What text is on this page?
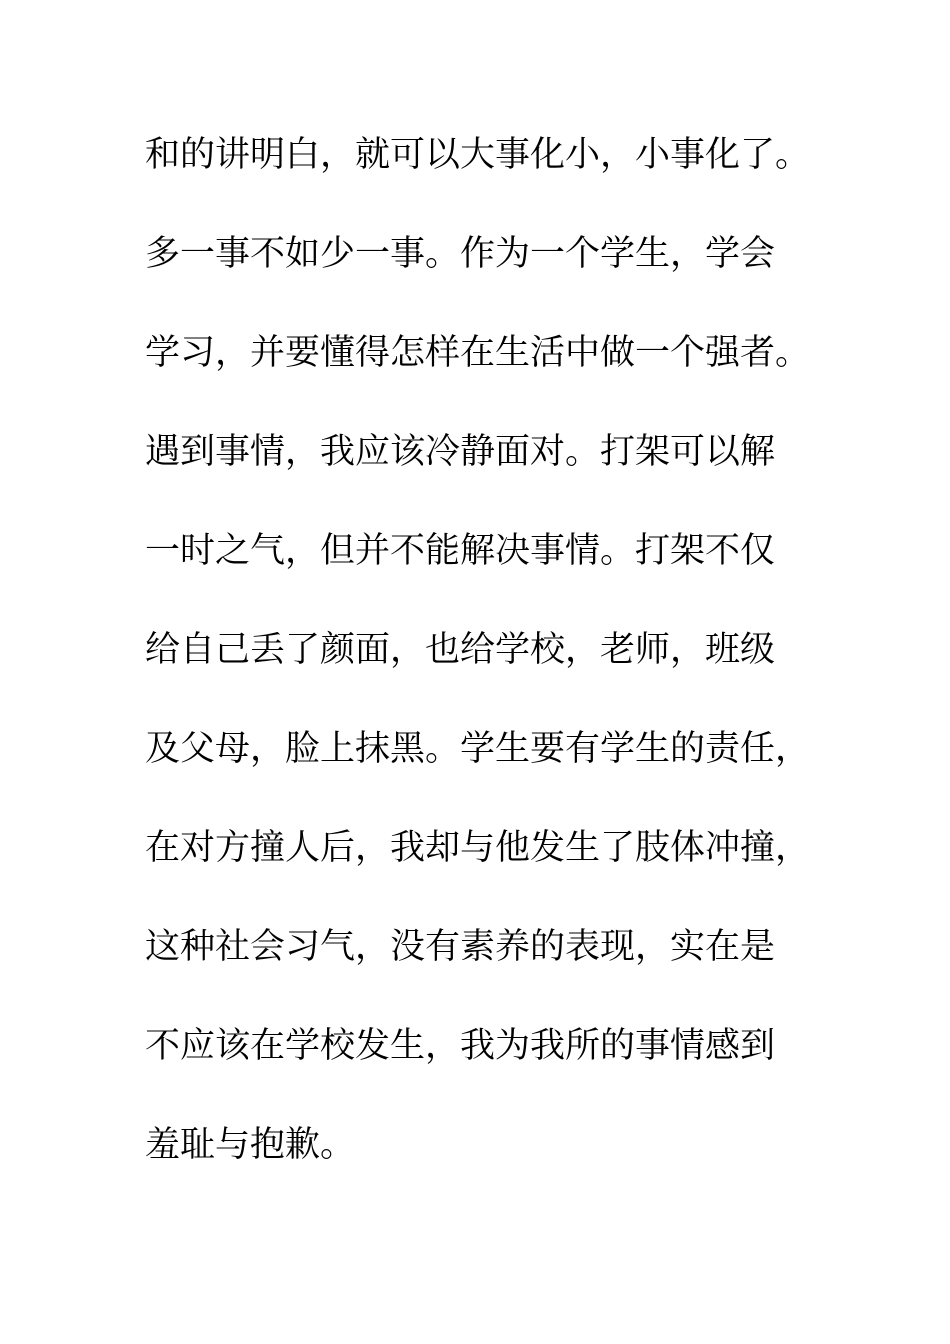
和的讲明白，就可以大事化小，小事化了。
多一事不如少一事。作为一个学生，学会
学习，并要懂得怎样在生活中做一个强者。
遇到事情，我应该冷静面对。打架可以解
一时之气，但并不能解决事情。打架不仅
给自己丢了颜面，也给学校，老师，班级
及父母，脸上抹黑。学生要有学生的责任，
在对方撞人后，我却与他发生了肢体冲撞，
这种社会习气，没有素养的表现，实在是
不应该在学校发生，我为我所的事情感到
羞耻与抱歉。
